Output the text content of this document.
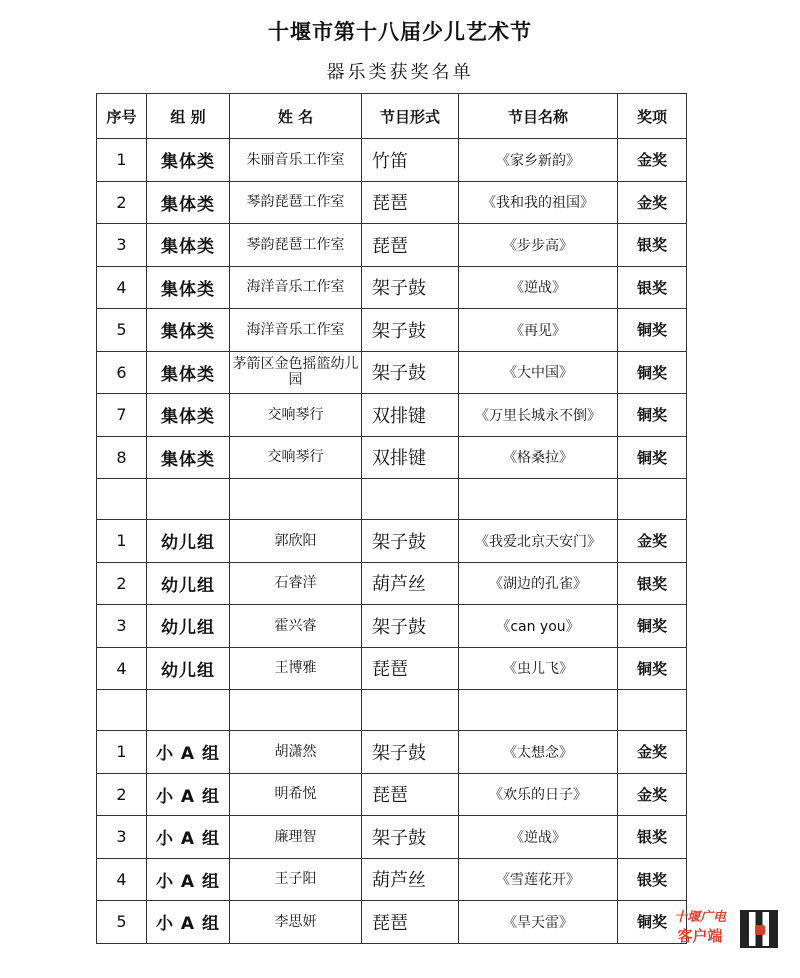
十堰市第十八届少儿艺术节
器乐类获奖名单
序号	组 别	姓 名	节目形式	节目名称	奖项
1	集体类	朱丽音乐工作室	竹笛	《家乡新韵》	金奖
2	集体类	琴韵琵琶工作室	琵琶	《我和我的祖国》	金奖
3	集体类	琴韵琵琶工作室	琵琶	《步步高》	银奖
4	集体类	海洋音乐工作室	架子鼓	《逆战》	银奖
5	集体类	海洋音乐工作室	架子鼓	《再见》	铜奖
6	集体类	茅箭区金色摇篮幼儿园	架子鼓	《大中国》	铜奖
7	集体类	交响琴行	双排键	《万里长城永不倒》	铜奖
8	集体类	交响琴行	双排键	《格桑拉》	铜奖

1	幼儿组	郭欣阳	架子鼓	《我爱北京天安门》	金奖
2	幼儿组	石睿洋	葫芦丝	《湖边的孔雀》	银奖
3	幼儿组	霍兴睿	架子鼓	《can you》	铜奖
4	幼儿组	王博雅	琵琶	《虫儿飞》	铜奖

1	小 A 组	胡潇然	架子鼓	《太想念》	金奖
2	小 A 组	明希悦	琵琶	《欢乐的日子》	金奖
3	小 A 组	廉理智	架子鼓	《逆战》	银奖
4	小 A 组	王子阳	葫芦丝	《雪莲花开》	银奖
5	小 A 组	李思妍	琵琶	《旱天雷》	铜奖 十堰广电
客户端
